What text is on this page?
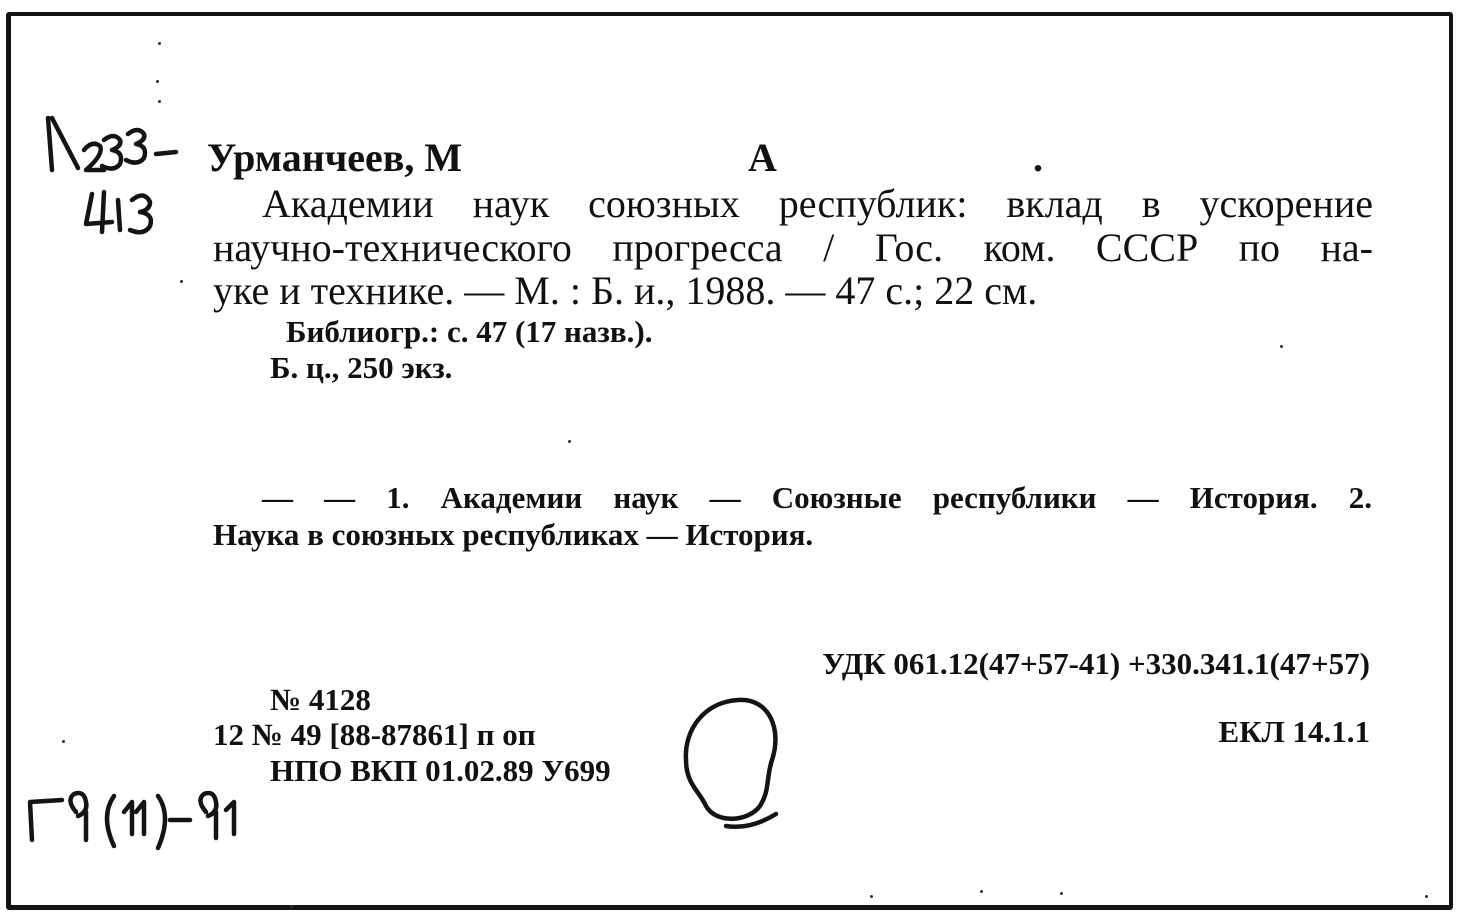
Урманчеев, М	А	.
Академии наук союзных республик: вклад в ускорение
научно-технического прогресса / Гос. ком. СССР по на-
уке и технике. — М. : Б. и., 1988. — 47 с.; 22 см.
Библиогр.: с. 47 (17 назв.).
Б. ц., 250 экз.
— — 1. Академии наук — Союзные республики — История. 2.
Наука в союзных республиках — История.
УДК 061.12(47+57-41) +330.341.1(47+57)
№ 4128
12 № 49 [88-87861] п оп
НПО ВКП 01.02.89 У699
ЕКЛ 14.1.1
